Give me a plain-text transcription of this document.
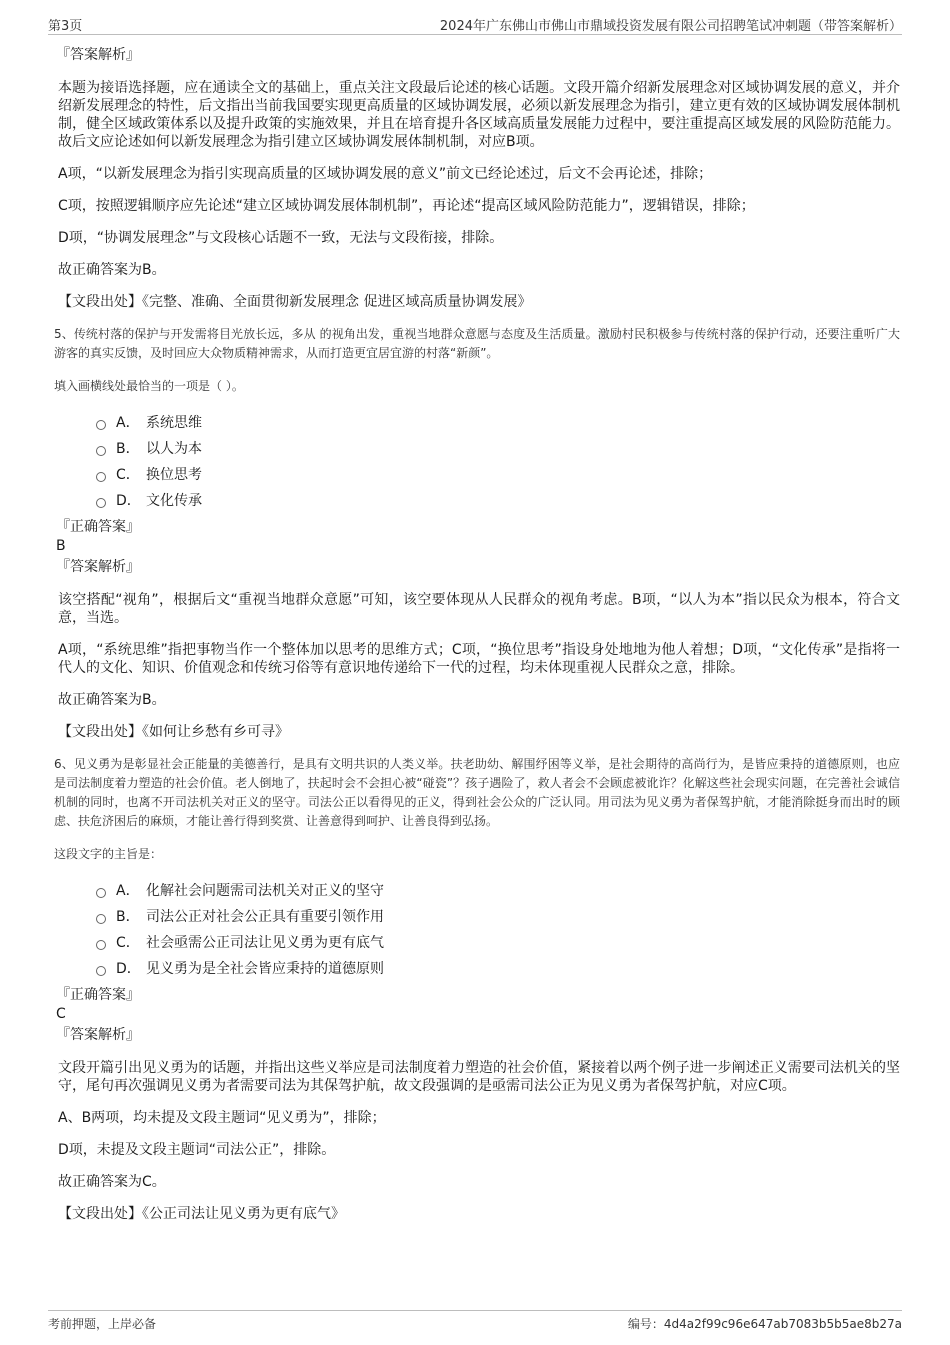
第3页	2024年广东佛山市佛山市鼎域投资发展有限公司招聘笔试冲刺题（带答案解析）
『答案解析』

本题为接语选择题，应在通读全文的基础上，重点关注文段最后论述的核心话题。文段开篇介绍新发展理念对区域协调发展的意义，并介绍新发展理念的特性，后文指出当前我国要实现更高质量的区域协调发展，必须以新发展理念为指引，建立更有效的区域协调发展体制机制，健全区域政策体系以及提升政策的实施效果，并且在培育提升各区域高质量发展能力过程中，要注重提高区域发展的风险防范能力。故后文应论述如何以新发展理念为指引建立区域协调发展体制机制，对应B项。

A项，“以新发展理念为指引实现高质量的区域协调发展的意义”前文已经论述过，后文不会再论述，排除；

C项，按照逻辑顺序应先论述“建立区域协调发展体制机制”，再论述“提高区域风险防范能力”，逻辑错误，排除；

D项，“协调发展理念”与文段核心话题不一致，无法与文段衔接，排除。

故正确答案为B。

【文段出处】《完整、准确、全面贯彻新发展理念 促进区域高质量协调发展》

5、传统村落的保护与开发需将目光放长远，多从 的视角出发，重视当地群众意愿与态度及生活质量。激励村民积极参与传统村落的保护行动，还要注重听广大游客的真实反馈，及时回应大众物质精神需求，从而打造更宜居宜游的村落“新颜”。

填入画横线处最恰当的一项是（ ）。

A． 系统思维
B． 以人为本
C． 换位思考
D． 文化传承
『正确答案』
B
『答案解析』

该空搭配“视角”，根据后文“重视当地群众意愿”可知，该空要体现从人民群众的视角考虑。B项，“以人为本”指以民众为根本，符合文意，当选。

A项，“系统思维”指把事物当作一个整体加以思考的思维方式；C项，“换位思考”指设身处地地为他人着想；D项，“文化传承”是指将一代人的文化、知识、价值观念和传统习俗等有意识地传递给下一代的过程，均未体现重视人民群众之意，排除。

故正确答案为B。

【文段出处】《如何让乡愁有乡可寻》

6、见义勇为是彰显社会正能量的美德善行，是具有文明共识的人类义举。扶老助幼、解围纾困等义举，是社会期待的高尚行为，是皆应秉持的道德原则，也应是司法制度着力塑造的社会价值。老人倒地了，扶起时会不会担心被“碰瓷”？孩子遇险了，救人者会不会顾虑被讹诈？化解这些社会现实问题，在完善社会诚信机制的同时，也离不开司法机关对正义的坚守。司法公正以看得见的正义，得到社会公众的广泛认同。用司法为见义勇为者保驾护航，才能消除挺身而出时的顾虑、扶危济困后的麻烦，才能让善行得到奖赏、让善意得到呵护、让善良得到弘扬。

这段文字的主旨是：

A． 化解社会问题需司法机关对正义的坚守
B． 司法公正对社会公正具有重要引领作用
C． 社会亟需公正司法让见义勇为更有底气
D． 见义勇为是全社会皆应秉持的道德原则
『正确答案』
C
『答案解析』

文段开篇引出见义勇为的话题，并指出这些义举应是司法制度着力塑造的社会价值，紧接着以两个例子进一步阐述正义需要司法机关的坚守，尾句再次强调见义勇为者需要司法为其保驾护航，故文段强调的是亟需司法公正为见义勇为者保驾护航，对应C项。

A、B两项，均未提及文段主题词“见义勇为”，排除；

D项，未提及文段主题词“司法公正”，排除。

故正确答案为C。

【文段出处】《公正司法让见义勇为更有底气》

考前押题，上岸必备	编号：4d4a2f99c96e647ab7083b5b5ae8b27a
